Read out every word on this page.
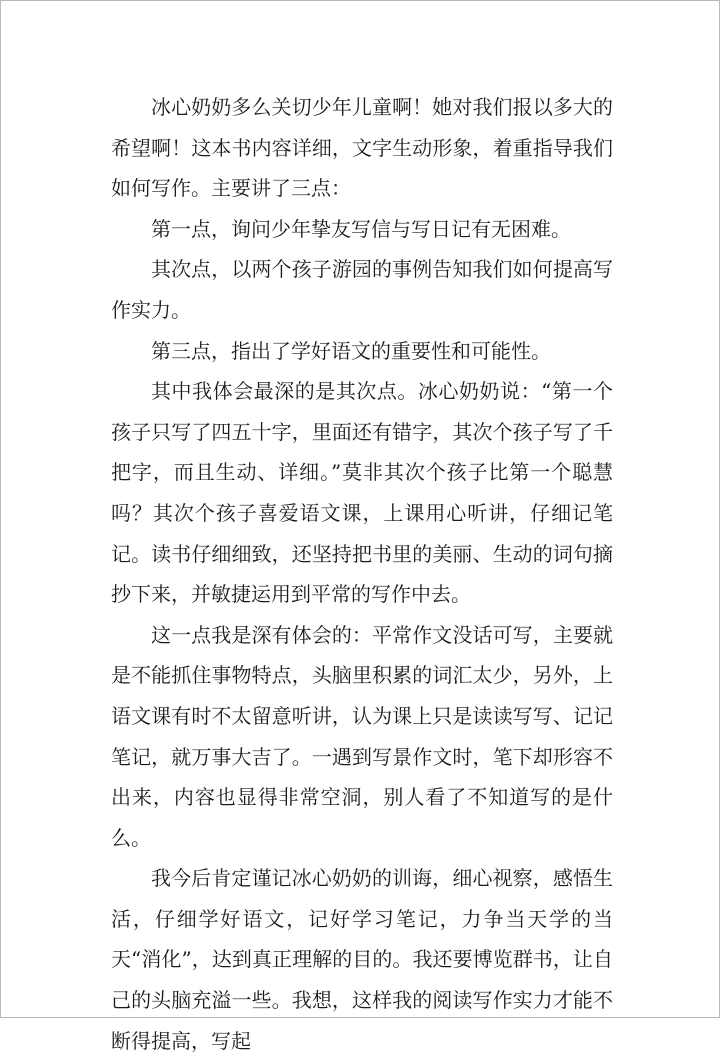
冰心奶奶多么关切少年儿童啊！她对我们报以多大的希望啊！这本书内容详细，文字生动形象，着重指导我们如何写作。主要讲了三点：

第一点，询问少年挚友写信与写日记有无困难。

其次点，以两个孩子游园的事例告知我们如何提高写作实力。

第三点，指出了学好语文的重要性和可能性。

其中我体会最深的是其次点。冰心奶奶说：“第一个孩子只写了四五十字，里面还有错字，其次个孩子写了千把字，而且生动、详细。”莫非其次个孩子比第一个聪慧吗？其次个孩子喜爱语文课，上课用心听讲，仔细记笔记。读书仔细细致，还坚持把书里的美丽、生动的词句摘抄下来，并敏捷运用到平常的写作中去。

这一点我是深有体会的：平常作文没话可写，主要就是不能抓住事物特点，头脑里积累的词汇太少，另外，上语文课有时不太留意听讲，认为课上只是读读写写、记记笔记，就万事大吉了。一遇到写景作文时，笔下却形容不出来，内容也显得非常空洞，别人看了不知道写的是什么。

我今后肯定谨记冰心奶奶的训诲，细心视察，感悟生活，仔细学好语文，记好学习笔记，力争当天学的当天“消化”，达到真正理解的目的。我还要博览群书，让自己的头脑充溢一些。我想，这样我的阅读写作实力才能不断得提高，写起
